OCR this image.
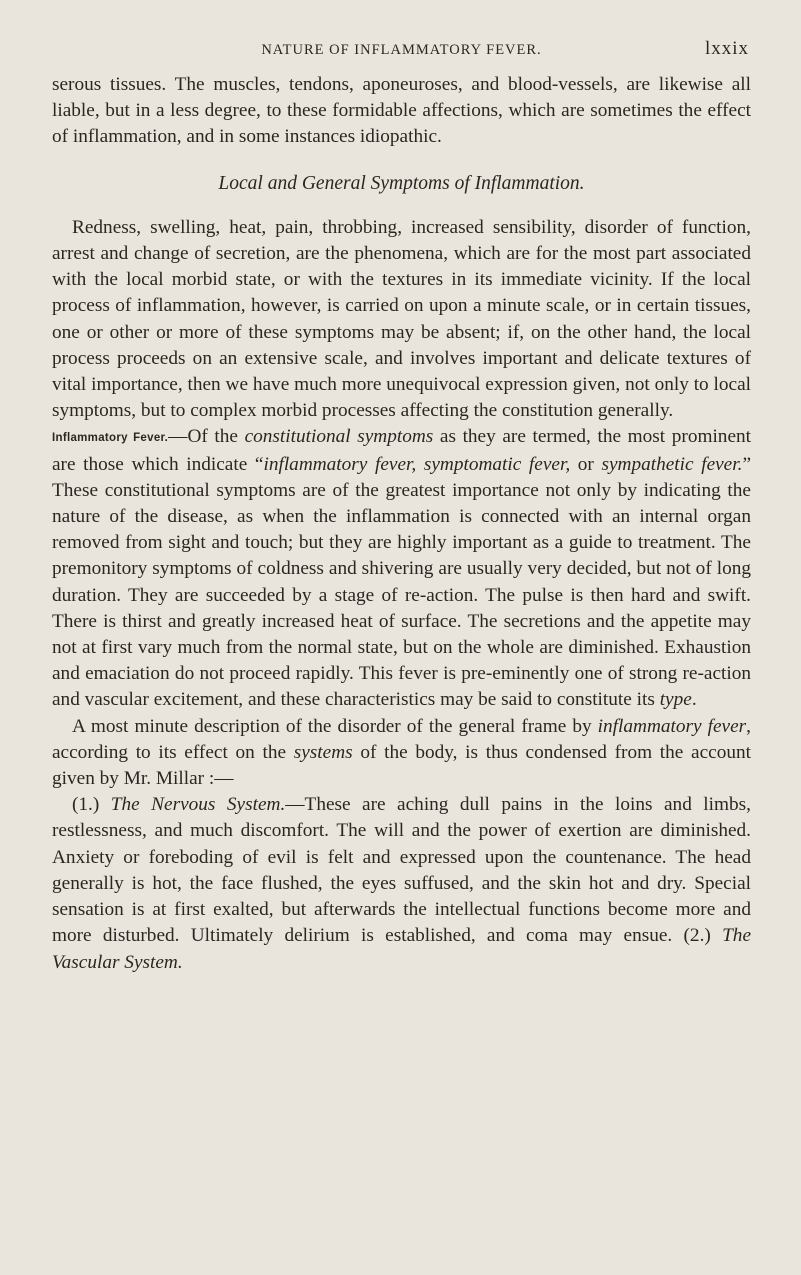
NATURE OF INFLAMMATORY FEVER.	lxxix

serous tissues. The muscles, tendons, aponeuroses, and blood-vessels, are likewise all liable, but in a less degree, to these formidable affections, which are sometimes the effect of inflammation, and in some instances idiopathic.

Local and General Symptoms of Inflammation.

Redness, swelling, heat, pain, throbbing, increased sensibility, disorder of function, arrest and change of secretion, are the phenomena, which are for the most part associated with the local morbid state, or with the textures in its immediate vicinity. If the local process of inflammation, however, is carried on upon a minute scale, or in certain tissues, one or other or more of these symptoms may be absent; if, on the other hand, the local process proceeds on an extensive scale, and involves important and delicate textures of vital importance, then we have much more unequivocal expression given, not only to local symptoms, but to complex morbid processes affecting the constitution generally.

Inflammatory Fever.—Of the constitutional symptoms as they are termed, the most prominent are those which indicate “inflammatory fever, symptomatic fever, or sympathetic fever.” These constitutional symptoms are of the greatest importance not only by indicating the nature of the disease, as when the inflammation is connected with an internal organ removed from sight and touch; but they are highly important as a guide to treatment. The premonitory symptoms of coldness and shivering are usually very decided, but not of long duration. They are succeeded by a stage of re-action. The pulse is then hard and swift. There is thirst and greatly increased heat of surface. The secretions and the appetite may not at first vary much from the normal state, but on the whole are diminished. Exhaustion and emaciation do not proceed rapidly. This fever is pre-eminently one of strong re-action and vascular excitement, and these characteristics may be said to constitute its type.

A most minute description of the disorder of the general frame by inflammatory fever, according to its effect on the systems of the body, is thus condensed from the account given by Mr. Millar :—

(1.) The Nervous System.—These are aching dull pains in the loins and limbs, restlessness, and much discomfort. The will and the power of exertion are diminished. Anxiety or foreboding of evil is felt and expressed upon the countenance. The head generally is hot, the face flushed, the eyes suffused, and the skin hot and dry. Special sensation is at first exalted, but afterwards the intellectual functions become more and more disturbed. Ultimately delirium is established, and coma may ensue. (2.) The Vascular System.
